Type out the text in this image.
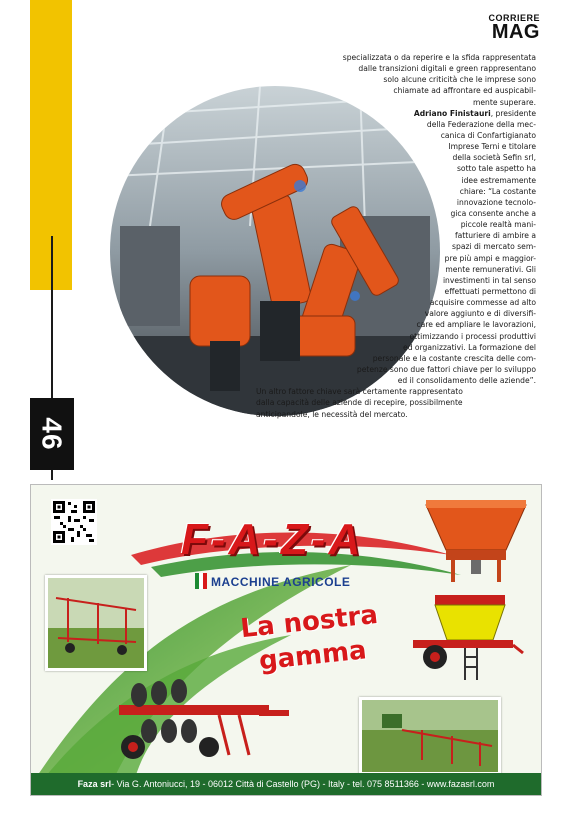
46
CORRIERE
MAG
specializzata o da reperire e la sfida rappresentata
dalle transizioni digitali e green rappresentano
solo alcune criticità che le imprese sono
chiamate ad affrontare ed auspicabil-
mente superare.
Adriano Finistauri, presidente
della Federazione della mec-
canica di Confartigianato
Imprese Terni e titolare
della società Sefin srl,
sotto tale aspetto ha
idee estremamente
chiare: “La costante
innovazione tecnolo-
gica consente anche a
piccole realtà mani-
fatturiere di ambire a
spazi di mercato sem-
pre più ampi e maggior-
mente remunerativi. Gli
investimenti in tal senso
effettuati permettono di
acquisire commesse ad alto
valore aggiunto e di diversifi-
care ed ampliare le lavorazioni,
ottimizzando i processi produttivi
ed organizzativi. La formazione del
personale e la costante crescita delle com-
petenze sono due fattori chiave per lo sviluppo
ed il consolidamento delle aziende”.
Un altro fattore chiave sarà certamente rappresentato
dalla capacità delle aziende di recepire, possibilmente
anticipandole, le necessità del mercato.
F-A-Z-A
MACCHINE AGRICOLE
La nostra
gamma
Faza srl - Via G. Antoniucci, 19 - 06012 Città di Castello (PG) - Italy - tel. 075 8511366 - www.fazasrl.com
